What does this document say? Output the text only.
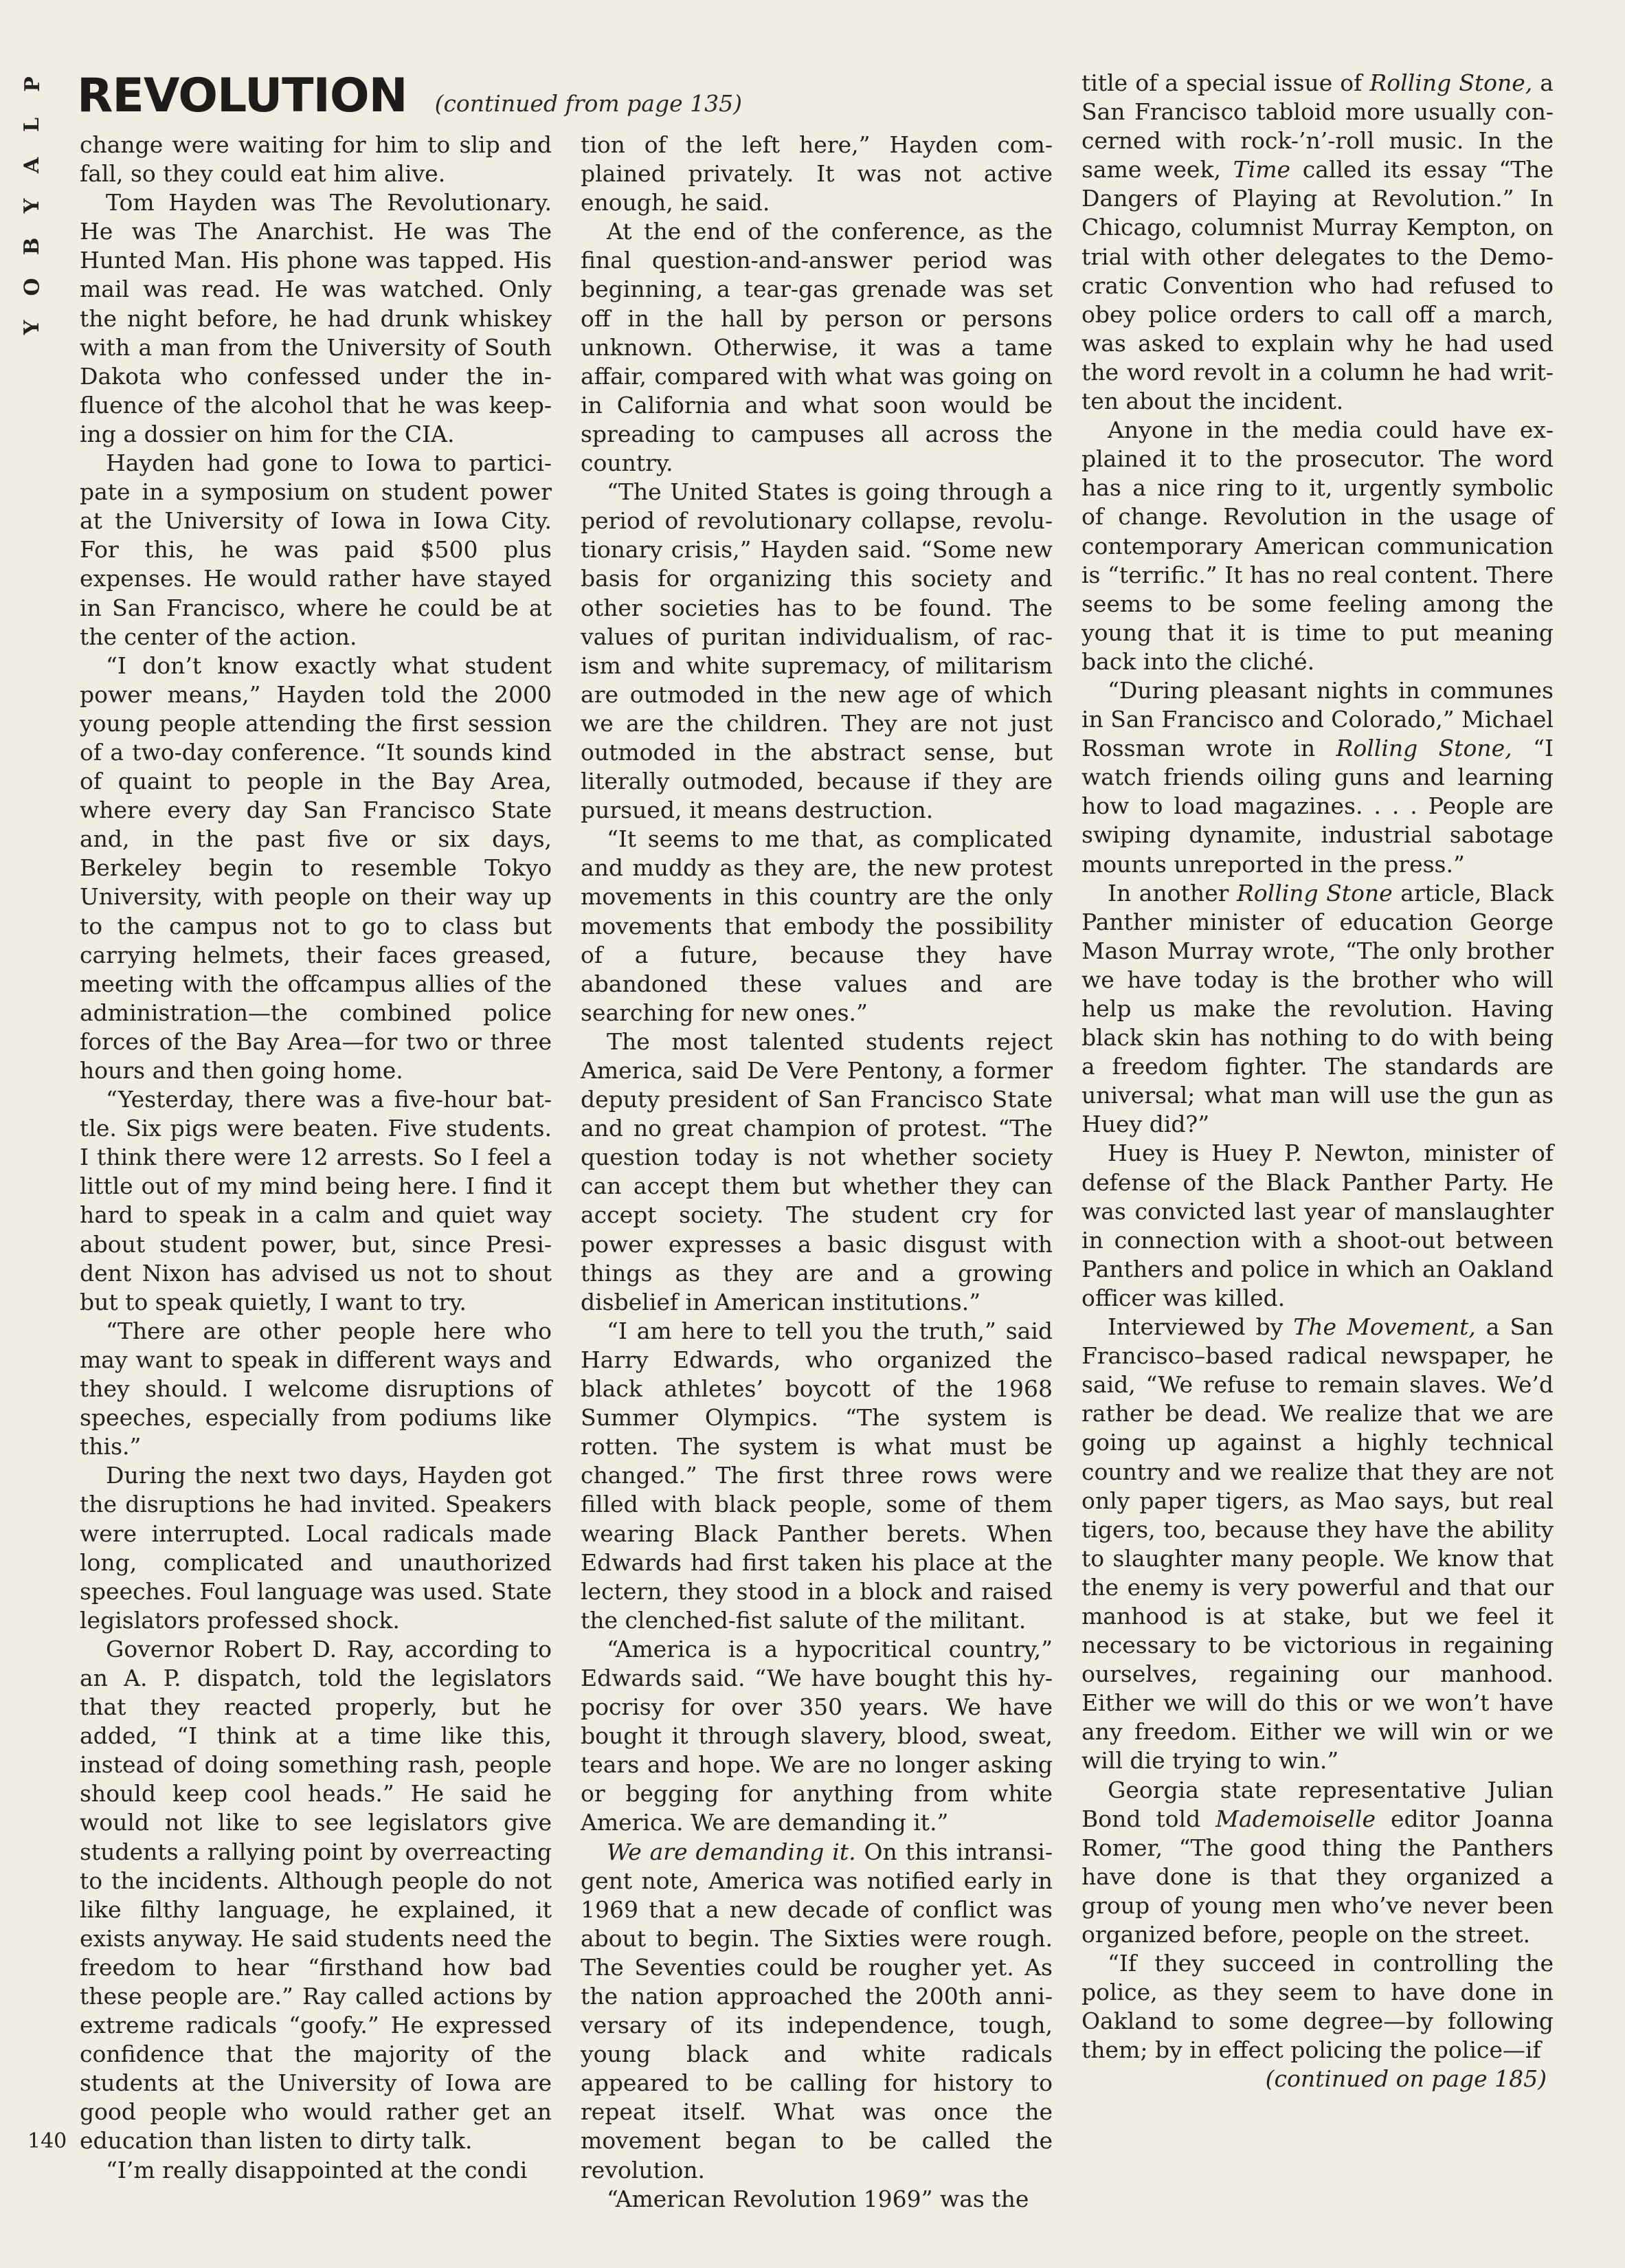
P
L
A
Y
B
O
Y
REVOLUTION (continued from page 135)

change were waiting for him to slip and fall, so they could eat him alive.

Tom Hayden was The Revolutionary. He was The Anarchist. He was The Hunted Man. His phone was tapped. His mail was read. He was watched. Only the night before, he had drunk whiskey with a man from the University of South Dakota who confessed under the influence of the alcohol that he was keeping a dossier on him for the CIA.

Hayden had gone to Iowa to participate in a symposium on student power at the University of Iowa in Iowa City. For this, he was paid $500 plus expenses. He would rather have stayed in San Francisco, where he could be at the center of the action.

“I don’t know exactly what student power means,” Hayden told the 2000 young people attending the first session of a two-day conference. “It sounds kind of quaint to people in the Bay Area, where every day San Francisco State and, in the past five or six days, Berkeley begin to resemble Tokyo University, with people on their way up to the campus not to go to class but carrying helmets, their faces greased, meeting with the offcampus allies of the administration—the combined police forces of the Bay Area—for two or three hours and then going home.

“Yesterday, there was a five-hour battle. Six pigs were beaten. Five students. I think there were 12 arrests. So I feel a little out of my mind being here. I find it hard to speak in a calm and quiet way about student power, but, since President Nixon has advised us not to shout but to speak quietly, I want to try.

“There are other people here who may want to speak in different ways and they should. I welcome disruptions of speeches, especially from podiums like this.”

During the next two days, Hayden got the disruptions he had invited. Speakers were interrupted. Local radicals made long, complicated and unauthorized speeches. Foul language was used. State legislators professed shock.

Governor Robert D. Ray, according to an A. P. dispatch, told the legislators that they reacted properly, but he added, “I think at a time like this, instead of doing something rash, people should keep cool heads.” He said he would not like to see legislators give students a rallying point by overreacting to the incidents. Although people do not like filthy language, he explained, it exists anyway. He said students need the freedom to hear “firsthand how bad these people are.” Ray called actions by extreme radicals “goofy.” He expressed confidence that the majority of the students at the University of Iowa are good people who would rather get an education than listen to dirty talk.

“I’m really disappointed at the condi

tion of the left here,” Hayden complained privately. It was not active enough, he said.

At the end of the conference, as the final question-and-answer period was beginning, a tear-gas grenade was set off in the hall by person or persons unknown. Otherwise, it was a tame affair, compared with what was going on in California and what soon would be spreading to campuses all across the country.

“The United States is going through a period of revolutionary collapse, revolutionary crisis,” Hayden said. “Some new basis for organizing this society and other societies has to be found. The values of puritan individualism, of racism and white supremacy, of militarism are outmoded in the new age of which we are the children. They are not just outmoded in the abstract sense, but literally outmoded, because if they are pursued, it means destruction.

“It seems to me that, as complicated and muddy as they are, the new protest movements in this country are the only movements that embody the possibility of a future, because they have abandoned these values and are searching for new ones.”

The most talented students reject America, said De Vere Pentony, a former deputy president of San Francisco State and no great champion of protest. “The question today is not whether society can accept them but whether they can accept society. The student cry for power expresses a basic disgust with things as they are and a growing disbelief in American institutions.”

“I am here to tell you the truth,” said Harry Edwards, who organized the black athletes’ boycott of the 1968 Summer Olympics. “The system is rotten. The system is what must be changed.” The first three rows were filled with black people, some of them wearing Black Panther berets. When Edwards had first taken his place at the lectern, they stood in a block and raised the clenched-fist salute of the militant.

“America is a hypocritical country,” Edwards said. “We have bought this hypocrisy for over 350 years. We have bought it through slavery, blood, sweat, tears and hope. We are no longer asking or begging for anything from white America. We are demanding it.”

We are demanding it. On this intransigent note, America was notified early in 1969 that a new decade of conflict was about to begin. The Sixties were rough. The Seventies could be rougher yet. As the nation approached the 200th anniversary of its independence, tough, young black and white radicals appeared to be calling for history to repeat itself. What was once the movement began to be called the revolution.

“American Revolution 1969” was the

title of a special issue of Rolling Stone, a San Francisco tabloid more usually concerned with rock-’n’-roll music. In the same week, Time called its essay “The Dangers of Playing at Revolution.” In Chicago, columnist Murray Kempton, on trial with other delegates to the Democratic Convention who had refused to obey police orders to call off a march, was asked to explain why he had used the word revolt in a column he had written about the incident.

Anyone in the media could have explained it to the prosecutor. The word has a nice ring to it, urgently symbolic of change. Revolution in the usage of contemporary American communication is “terrific.” It has no real content. There seems to be some feeling among the young that it is time to put meaning back into the cliché.

“During pleasant nights in communes in San Francisco and Colorado,” Michael Rossman wrote in Rolling Stone, “I watch friends oiling guns and learning how to load magazines. . . . People are swiping dynamite, industrial sabotage mounts unreported in the press.”

In another Rolling Stone article, Black Panther minister of education George Mason Murray wrote, “The only brother we have today is the brother who will help us make the revolution. Having black skin has nothing to do with being a freedom fighter. The standards are universal; what man will use the gun as Huey did?”

Huey is Huey P. Newton, minister of defense of the Black Panther Party. He was convicted last year of manslaughter in connection with a shoot-out between Panthers and police in which an Oakland officer was killed.

Interviewed by The Movement, a San Francisco–based radical newspaper, he said, “We refuse to remain slaves. We’d rather be dead. We realize that we are going up against a highly technical country and we realize that they are not only paper tigers, as Mao says, but real tigers, too, because they have the ability to slaughter many people. We know that the enemy is very powerful and that our manhood is at stake, but we feel it necessary to be victorious in regaining ourselves, regaining our manhood. Either we will do this or we won’t have any freedom. Either we will win or we will die trying to win.”

Georgia state representative Julian Bond told Mademoiselle editor Joanna Romer, “The good thing the Panthers have done is that they organized a group of young men who’ve never been organized before, people on the street.

“If they succeed in controlling the police, as they seem to have done in Oakland to some degree—by following them; by in effect policing the police—if

(continued on page 185)
140
